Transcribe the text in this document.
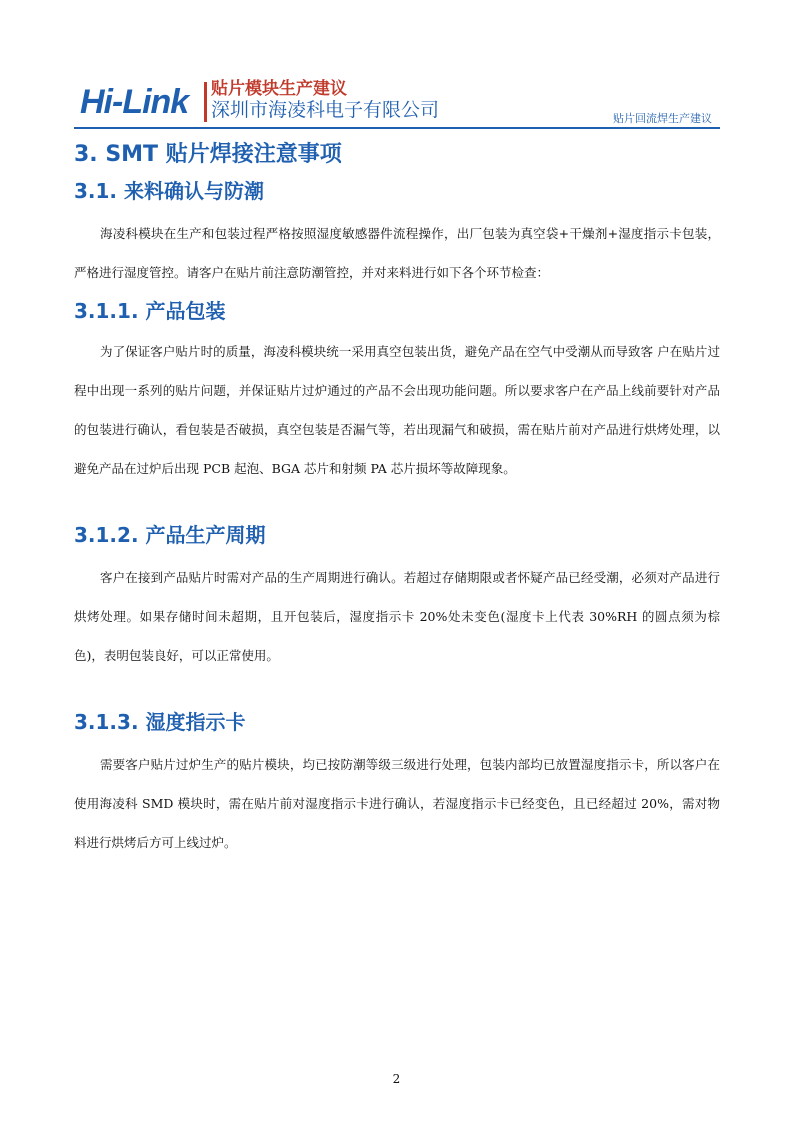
Hi-Link 贴片模块生产建议
深圳市海凌科电子有限公司	贴片回流焊生产建议
3. SMT 贴片焊接注意事项
3.1. 来料确认与防潮

海凌科模块在生产和包装过程严格按照湿度敏感器件流程操作，出厂包装为真空袋+干燥剂+湿度指示卡包装，严格进行湿度管控。请客户在贴片前注意防潮管控，并对来料进行如下各个环节检查：

3.1.1. 产品包装

为了保证客户贴片时的质量，海凌科模块统一采用真空包装出货，避免产品在空气中受潮从而导致客 户在贴片过程中出现一系列的贴片问题，并保证贴片过炉通过的产品不会出现功能问题。所以要求客户在产品上线前要针对产品的包装进行确认，看包装是否破损，真空包装是否漏气等，若出现漏气和破损，需在贴片前对产品进行烘烤处理，以避免产品在过炉后出现 PCB 起泡、BGA 芯片和射频 PA 芯片损坏等故障现象。

3.1.2. 产品生产周期

客户在接到产品贴片时需对产品的生产周期进行确认。若超过存储期限或者怀疑产品已经受潮，必须对产品进行烘烤处理。如果存储时间未超期，且开包装后，湿度指示卡 20%处未变色(湿度卡上代表 30%RH 的圆点须为棕色)，表明包装良好，可以正常使用。

3.1.3. 湿度指示卡

需要客户贴片过炉生产的贴片模块，均已按防潮等级三级进行处理，包装内部均已放置湿度指示卡，所以客户在使用海凌科 SMD 模块时，需在贴片前对湿度指示卡进行确认，若湿度指示卡已经变色，且已经超过 20%，需对物料进行烘烤后方可上线过炉。

2
